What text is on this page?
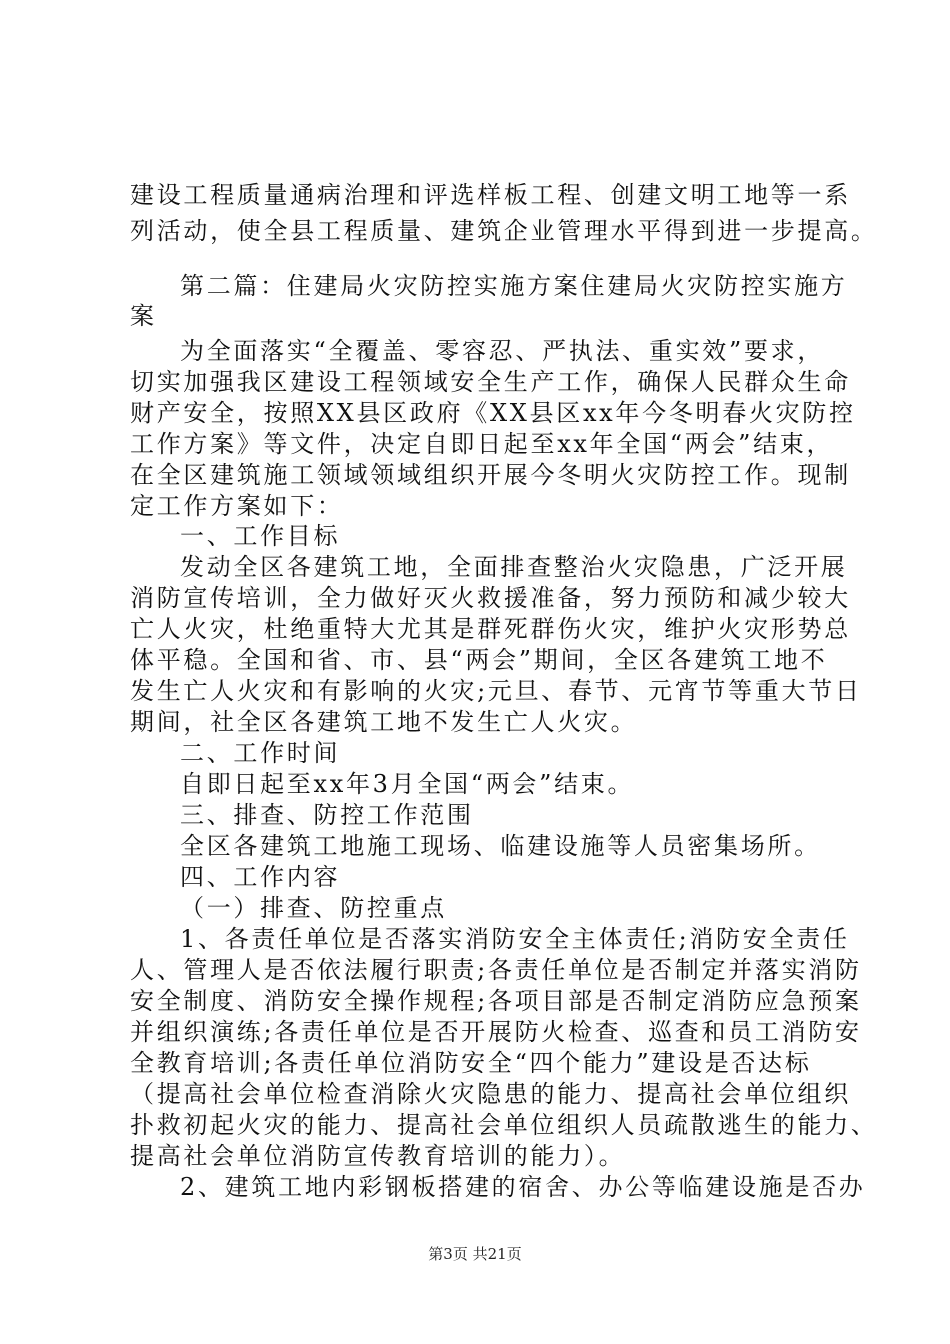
建设工程质量通病治理和评选样板工程、创建文明工地等一系
列活动，使全县工程质量、建筑企业管理水平得到进一步提高。
第二篇：住建局火灾防控实施方案住建局火灾防控实施方
案
为全面落实“全覆盖、零容忍、严执法、重实效”要求，
切实加强我区建设工程领域安全生产工作，确保人民群众生命
财产安全，按照XX县区政府《XX县区xx年今冬明春火灾防控
工作方案》等文件，决定自即日起至xx年全国“两会”结束，
在全区建筑施工领域领域组织开展今冬明火灾防控工作。现制
定工作方案如下：
一、工作目标
发动全区各建筑工地，全面排查整治火灾隐患，广泛开展
消防宣传培训，全力做好灭火救援准备，努力预防和减少较大
亡人火灾，杜绝重特大尤其是群死群伤火灾，维护火灾形势总
体平稳。全国和省、市、县“两会”期间，全区各建筑工地不
发生亡人火灾和有影响的火灾;元旦、春节、元宵节等重大节日
期间，社全区各建筑工地不发生亡人火灾。
二、工作时间
自即日起至xx年3月全国“两会”结束。
三、排查、防控工作范围
全区各建筑工地施工现场、临建设施等人员密集场所。
四、工作内容
（一）排查、防控重点
1、各责任单位是否落实消防安全主体责任;消防安全责任
人、管理人是否依法履行职责;各责任单位是否制定并落实消防
安全制度、消防安全操作规程;各项目部是否制定消防应急预案
并组织演练;各责任单位是否开展防火检查、巡查和员工消防安
全教育培训;各责任单位消防安全“四个能力”建设是否达标
（提高社会单位检查消除火灾隐患的能力、提高社会单位组织
扑救初起火灾的能力、提高社会单位组织人员疏散逃生的能力、
提高社会单位消防宣传教育培训的能力）。
2、建筑工地内彩钢板搭建的宿舍、办公等临建设施是否办
第3页 共21页
